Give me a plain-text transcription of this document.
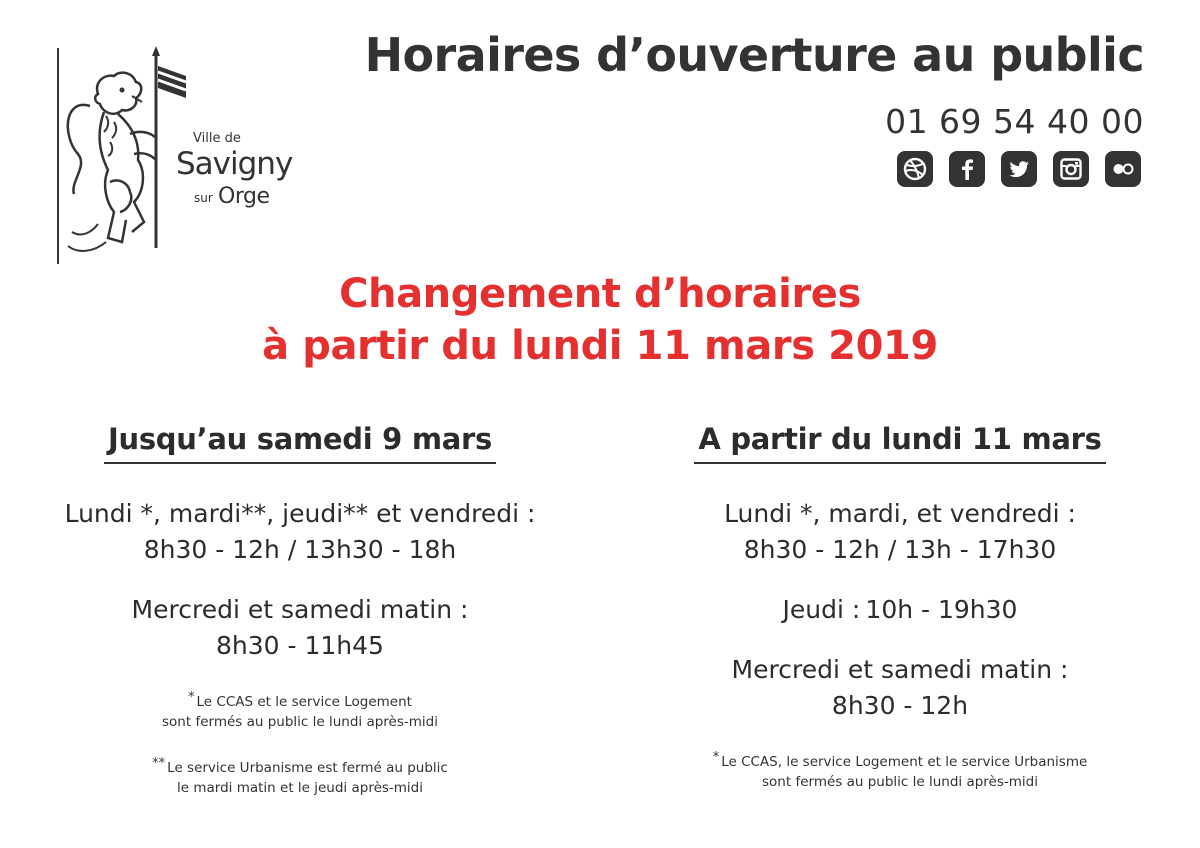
Ville de
Savigny
sur Orge
Horaires d’ouverture au public
01 69 54 40 00
Changement d’horaires
à partir du lundi 11 mars 2019
Jusqu’au samedi 9 mars
Lundi *, mardi**, jeudi** et vendredi :
8h30 - 12h / 13h30 - 18h
Mercredi et samedi matin :
8h30 - 11h45
* Le CCAS et le service Logement
sont fermés au public le lundi après-midi
** Le service Urbanisme est fermé au public
le mardi matin et le jeudi après-midi
A partir du lundi 11 mars
Lundi *, mardi, et vendredi :
8h30 - 12h / 13h - 17h30
Jeudi : 10h - 19h30
Mercredi et samedi matin :
8h30 - 12h
* Le CCAS, le service Logement et le service Urbanisme
sont fermés au public le lundi après-midi
